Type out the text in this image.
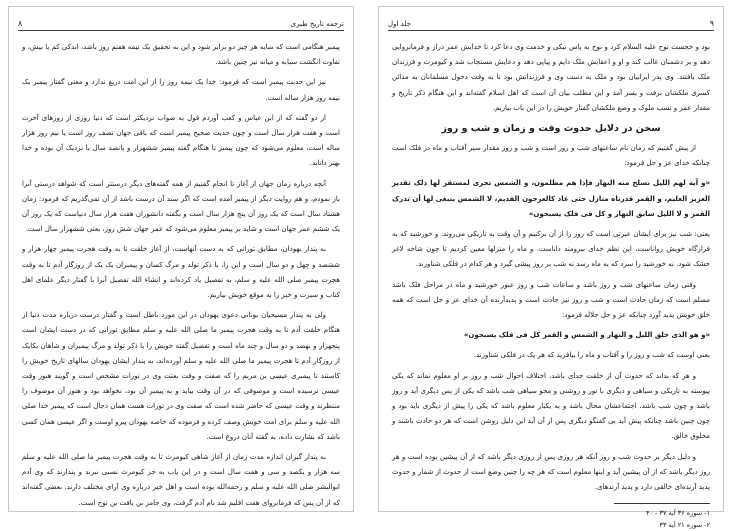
ترجمه تاریخ طبری
۸

پیمبر هنگامی است که سایه هر چیز دو برابر شود و این به تحقیق یک نیمه هفتم روز باشد، اندکی کم یا بیش، و تفاوت انگشت سبابه و میانه نیز چنین باشد.

نیز این حدیث پیمبر است که فرمود: خدا یک نیمه روز را از این امت دریغ ندارد و معنی گفتار پیمبر یک نیمه روز هزار ساله است.

از دو گفته که از ابن عباس و کعب آوردم قول به صواب نزدیکتر است که دنیا روزی از روزهای آخرت است و هفت هزار سال است و چون حدیث صحیح پیمبر است که باقی جهان نصف روز است یا نیم روز هزار ساله است، معلوم می‌شود که چون پیمبر تا هنگام گفته پیمبر ششهزار و پانصد سال یا نزدیک آن بوده و خدا بهتر داناند.

آنچه درباره زمان جهان از آغاز تا انجام گفتیم از همه گفته‌های دیگر درستتر است که شواهد درستی آنرا باز نمودم، و هم روایت دیگر از پیمبر آمده است که اگر سند آن درست باشد از آن نمی‌گذریم که فرمود: زمان هشتاد سال است که یک روز آن پنج هزار سال است و بگفته دانشوران هفت هزار سال دنیاست که یک روز آن یک ششم عمر جهان است و شاید بر پیمبر معلوم می‌شود که عمر جهان شش روز، یعنی ششهزار سال است.

به پندار یهودان، مطابق تورانی که به دست آنهاست، از آغاز خلقت تا به وقت هجرت پیمبر چهار هزار و ششصد و چهل و دو سال است و این را، با ذکر تولد و مرگ کسان و پیمبران یک یک از روزگار آدم تا به وقت هجرت پیمبر صلی الله علیه و سلم، به تفصیل یاد کرده‌اند و انشاء الله تفصیل آنرا با گفتار دیگر علمای اهل کتاب و سیرت و خبر را به موقع خویش بیاریم.

ولی به پندار مسیحیان یونانی دعوی یهودان در این مورد باطل است و گفتار درست درباره مدت دنیا از هنگام خلقت آدم تا به وقت هجرت پیمبر ما صلی الله علیه و سلم مطابق تورانی که در دست ایشان است پنجهزار و نهصد و دو سال و چند ماه است و تفصیل گفته خویش را با ذکر تولد و مرگ پیمبران و شاهان یکایک از روزگار آدم تا هجرت پیمبر ما صلی الله علیه و سلم آورده‌اند، به پندار ایشان یهودان سالهای تاریخ خویش را کاستند تا پیمبری عیسی بن مریم را که صفت و وقت بعثت وی در تورات مشخص است و گویند هنوز وقت عیسی نرسیده است و موصوفی که در آن وقت بیاید و به پیمبر آن بود، نخواهد بود و هنوز آن موصوف را منتظرند و وقت عیسی که حاضر شده است که صفت وی در تورات هست همان دجال است که پیمبر خدا صلی الله علیه و سلم برای امت خویش وصف کرده و فرموده که خاصه یهودان پیرو اوست و اگر عیسی همان کسی باشد که بشارت داده، به گفته آنان دروغ است.

به پندار گبران اندازه مدت زمان از آغاز شاهی کیومرث تا به وقت هجرت پیمبر ما صلی الله علیه و سلم سه هزار و یکصد و سی و هفت سال است و در این باب به جز کیومرث نسبی نبرند و پندارند که وی آدم ابوالبشر صلی الله علیه و سلم و رحمه‌الله بوده است و اهل خبر درباره وی آرای مختلف دارند. بعضی گفته‌اند که از آن پس که فرمانروای هفت اقلیم شد نام آدم گرفت، وی جامر بن یافث بن نوح است.

۹
جلد اول

بود و خجست نوح علیه السلام کرد و نوح به پاس نیکی و خدمت وی دعا کرد تا خدایش عمر دراز و فرمانروایی دهد و بر دشمنان غالب کند و او و اعقابش ملک دایم و پیاپی دهد و دعایش مستجاب شد و کیومرث و فرزندان ملک یافتند. وی پدر ایرانیان بود و ملک به دست وی و فرزندانش بود تا به وقت دخول مسلمانان به مدائن کسری ملکشان برفت و بسر آمد و این مطلب بیان آن است که اهل اسلام گفته‌اند و این هنگام ذکر تاریخ و مقدار عمر و نسب ملوک و وضع ملکشان گفتار خویش را در این باب بیاریم.

سخن در دلایل حدوث وقت و زمان و شب و روز

از پیش گفتیم که زمان نام ساعتهای شب و روز است و شب و روز مقدار سیر آفتاب و ماه در فلک است چنانکه خدای عز و جل فرمود:

«و آیة لهم اللیل نسلخ منه النهار فإذا هم مظلمون، و الشمس تجری لمستقر لها ذلک تقدیر العزیز العلیم، و القمر قدرناه منازل حتی عاد کالعرجون القدیم، لا الشمس ینبغی لها أن تدرک القمر و لا اللیل سابق النهار و کل فی فلک یسبحون»

یعنی: شب نیز برای ایشان عبرتی است که روز را از آن برکنیم و آن وقت به تاریکی می‌روند. و خورشید که به قرارگاه خویش رواناست، این نظم خدای نیرومند داناست. و ماه را منزلها معین کردیم تا چون شاخه لاغر خشک شود. نه خورشید را سزد که به ماه رسد نه شب بر روز پیشی گیرد و هر کدام در فلکی شناورند.

وقتی زمان ساعتهای شب و روز باشد و ساعات شب و روز عبور خورشید و ماه در مراحل فلک باشد مسلم است که زمان حادث است و شب و روز نیز حادث است و پدیدآرنده آن خدای عز و جل است که همه خلق خویش پدید آورد چنانکه عز و جل جلاله فرمود:

«و هو الذی خلق اللیل و النهار و الشمس و القمر کل فی فلک یسبحون»

یعنی اوست که شب و روز را و آفتاب و ماه را بیافرید که هر یک در فلکی شناورند.

و هر که بداند که حدوث آن از خلقت خدای باشد، اختلاف احوال شب و روز بر او معلوم نماند که یکی پیوسته به تاریکی و سیاهی و دیگری با نور و روشنی و محو سیاهی شب باشد که یکی از پس دیگری آید و روز باشد و چون شب باشد، اجتماعشان محال باشد و به یکبار معلوم باشد که یکی را پیش از دیگری باید بود و چون چنین باشد چنانکه پیش آید بی گفتگو دیگری پس از آن آید این دلیل روشن است که هر دو حادث باشند و مخلوق خالق.

و دلیل دیگر بر حدوث شب و روز آنکه هر روزی پس از روزی دیگر باشد که از آن پیشین بوده است و هر روز دیگر باشد که از آن پیشین آید و اینها معلوم است که هر چه را چنین وضع است از حدوث از شمار و حدوث پدید آرنده‌ای خالقی دارد و پدید آرندهای.

۱- سوره ۳۶ آیه ۳۷ - ۴۰
۲- سوره ۲۱ آیه ۳۳
